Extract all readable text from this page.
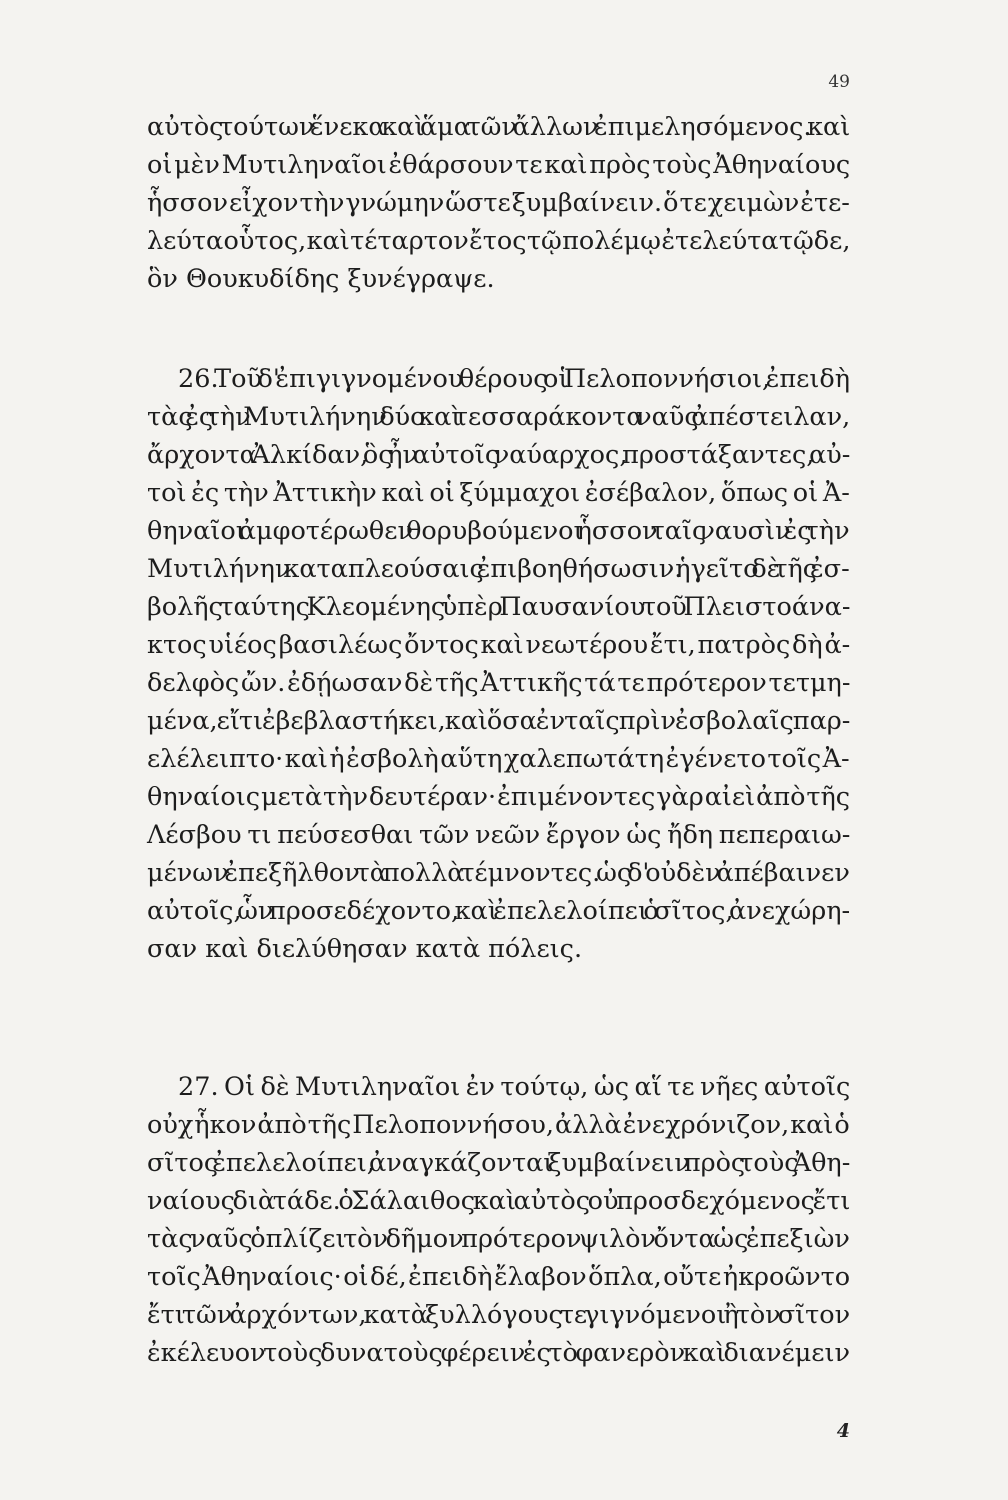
49
αὐτὸς τούτων ἕνεκα καὶ ἅμα τῶν ἄλλων ἐπιμελησόμενος. καὶ
οἱ μὲν Μυτιληναῖοι ἐθάρσουν τε καὶ πρὸς τοὺς Ἀθηναίους
ἧσσον εἶχον τὴν γνώμην ὥστε ξυμβαίνειν. ὅ τε χειμὼν ἐτε-
λεύτα οὗτος, καὶ τέταρτον ἔτος τῷ πολέμῳ ἐτελεύτα τῷδε,
ὃν Θουκυδίδης ξυνέγραψε.
26. Τοῦ δ' ἐπιγιγνομένου θέρους οἱ Πελοποννήσιοι, ἐπειδὴ
τὰς ἐς τὴν Μυτιλήνην δύο καὶ τεσσαράκοντα ναῦς ἀπέστειλαν,
ἄρχοντα Ἀλκίδαν, ὃς ἦν αὐτοῖς ναύαρχος, προστάξαντες, αὐ-
τοὶ ἐς τὴν Ἀττικὴν καὶ οἱ ξύμμαχοι ἐσέβαλον, ὅπως οἱ Ἀ-
θηναῖοι ἀμφοτέρωθεν θορυβούμενοι ἧσσον ταῖς ναυσὶν ἐς τὴν
Μυτιλήνην καταπλεούσαις ἐπιβοηθήσωσιν. ἡγεῖτο δὲ τῆς ἐσ-
βολῆς ταύτης Κλεομένης ὑπὲρ Παυσανίου τοῦ Πλειστοάνα-
κτος υἱέος βασιλέως ὄντος καὶ νεωτέρου ἔτι, πατρὸς δὴ ἀ-
δελφὸς ὤν. ἐδῄωσαν δὲ τῆς Ἀττικῆς τά τε πρότερον τετμη-
μένα, εἴ τι ἐβεβλαστήκει, καὶ ὅσα ἐν ταῖς πρὶν ἐσβολαῖς παρ-
ελέλειπτο· καὶ ἡ ἐσβολὴ αὕτη χαλεπωτάτη ἐγένετο τοῖς Ἀ-
θηναίοις μετὰ τὴν δευτέραν· ἐπιμένοντες γὰρ αἰεὶ ἀπὸ τῆς
Λέσβου τι πεύσεσθαι τῶν νεῶν ἔργον ὡς ἤδη πεπεραιω-
μένων ἐπεξῆλθον τὰ πολλὰ τέμνοντες. ὡς δ' οὐδὲν ἀπέβαινεν
αὐτοῖς, ὧν προσεδέχοντο, καὶ ἐπελελοίπει ὁ σῖτος, ἀνεχώρη-
σαν καὶ διελύθησαν κατὰ πόλεις.
27. Οἱ δὲ Μυτιληναῖοι ἐν τούτῳ, ὡς αἵ τε νῆες αὐτοῖς
οὐχ ἧκον ἀπὸ τῆς Πελοποννήσου, ἀλλὰ ἐνεχρόνιζον, καὶ ὁ
σῖτος ἐπελελοίπει, ἀναγκάζονται ξυμβαίνειν πρὸς τοὺς Ἀθη-
ναίους διὰ τάδε. ὁ Σάλαιθος καὶ αὐτὸς οὐ προσδεχόμενος ἔτι
τὰς ναῦς ὁπλίζει τὸν δῆμον πρότερον ψιλὸν ὄντα ὡς ἐπεξιὼν
τοῖς Ἀθηναίοις· οἱ δέ, ἐπειδὴ ἔλαβον ὅπλα, οὔτε ἠκροῶντο
ἔτι τῶν ἀρχόντων, κατὰ ξυλλόγους τε γιγνόμενοι ἢ τὸν σῖτον
ἐκέλευον τοὺς δυνατοὺς φέρειν ἐς τὸ φανερὸν καὶ διανέμειν
4
